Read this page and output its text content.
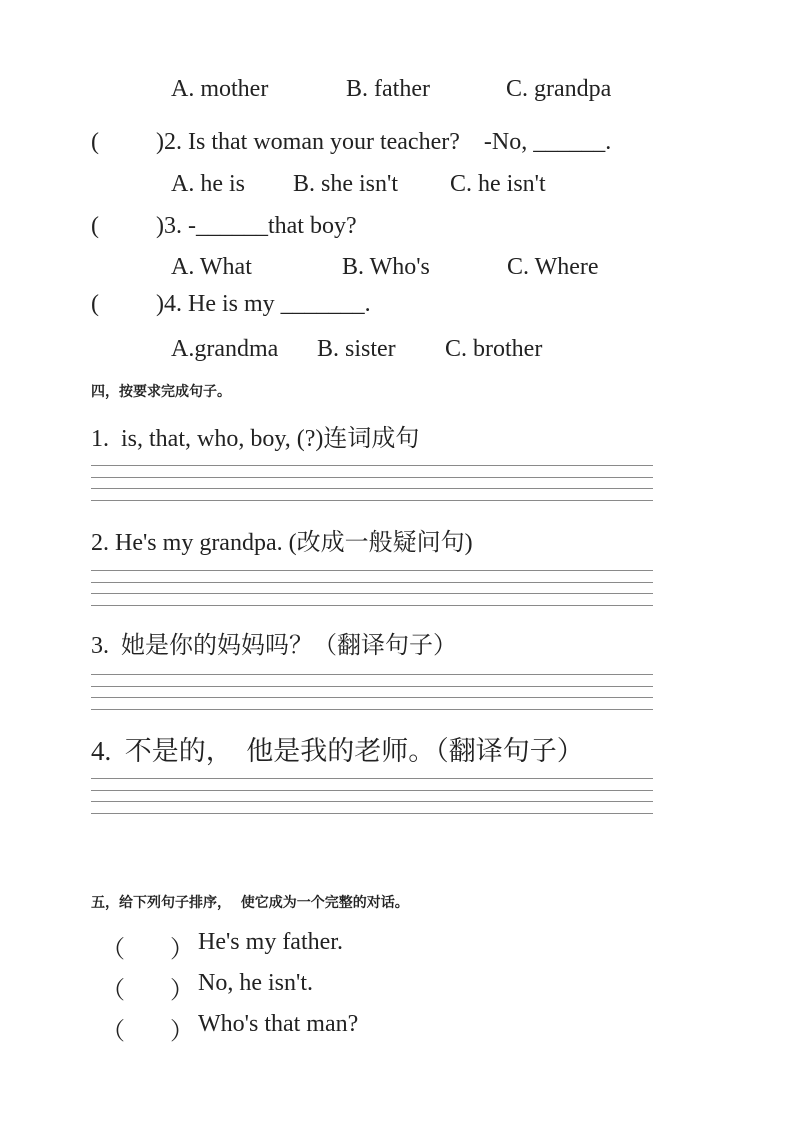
A. mother	B. father	C. grandpa
( )2. Is that woman your teacher?    -No, ______.
A. he is B. she isn't C. he isn't
( )3. -______that boy?
A. What	B. Who's	C. Where
( )4. He is my _______.
A.grandma B. sister C. brother
四，按要求完成句子。
1.  is, that, who, boy, (?)连词成句
2. He's my grandpa. (改成一般疑问句)
3.  她是你的妈妈吗？（翻译句子）
4.  不是的，  他是我的老师。（翻译句子）
五，给下列句子排序，  使它成为一个完整的对话。
（ ） He's my father.
（ ） No, he isn't.
（ ） Who's that man?
